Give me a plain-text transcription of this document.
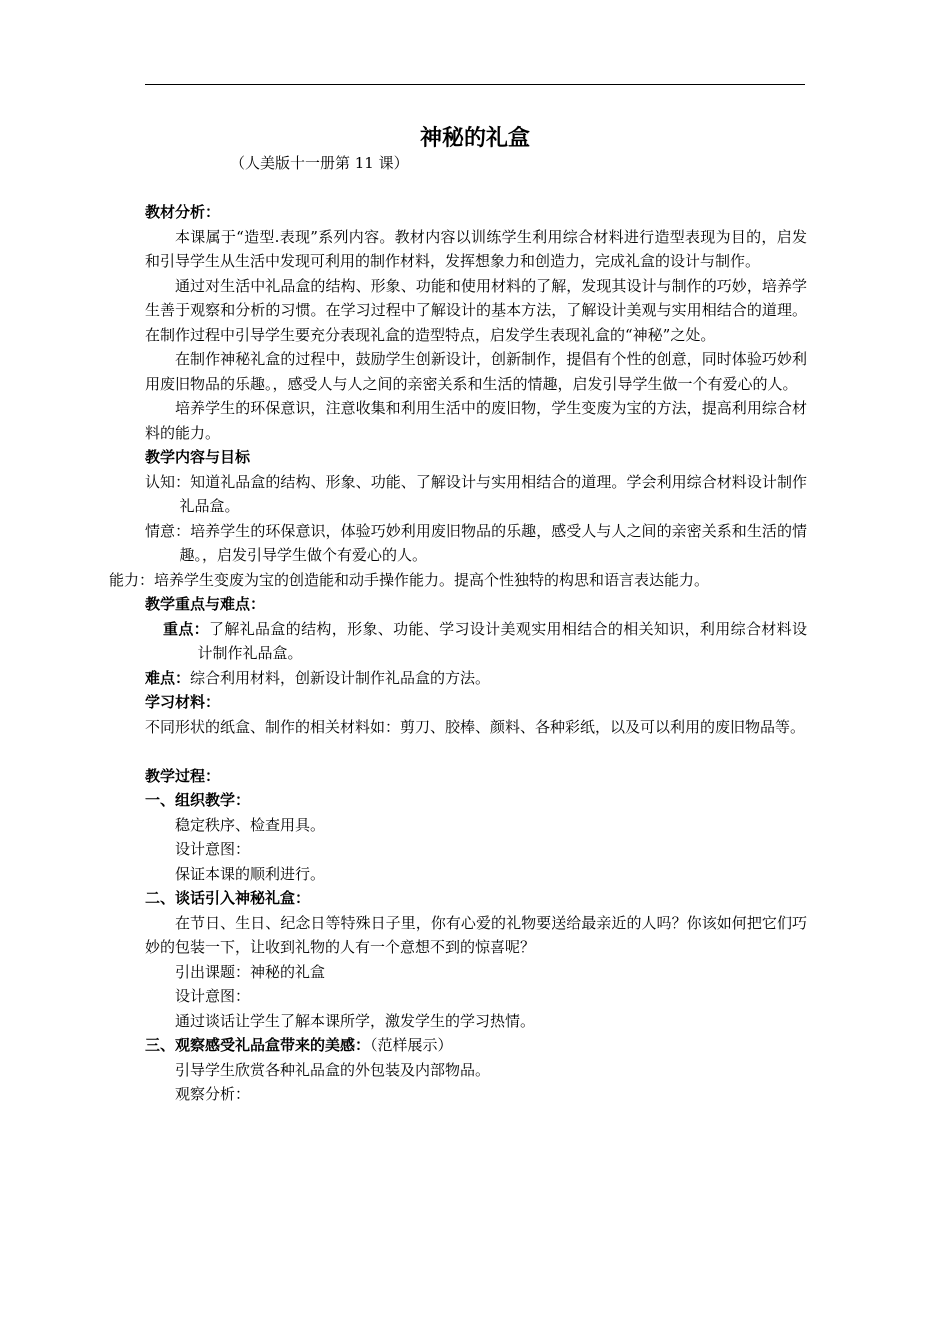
神秘的礼盒
（人美版十一册第 11 课）

教材分析：

本课属于“造型.表现”系列内容。教材内容以训练学生利用综合材料进行造型表现为目的，启发和引导学生从生活中发现可利用的制作材料，发挥想象力和创造力，完成礼盒的设计与制作。

通过对生活中礼品盒的结构、形象、功能和使用材料的了解，发现其设计与制作的巧妙，培养学生善于观察和分析的习惯。在学习过程中了解设计的基本方法，了解设计美观与实用相结合的道理。在制作过程中引导学生要充分表现礼盒的造型特点，启发学生表现礼盒的“神秘”之处。

在制作神秘礼盒的过程中，鼓励学生创新设计，创新制作，提倡有个性的创意，同时体验巧妙利用废旧物品的乐趣。，感受人与人之间的亲密关系和生活的情趣，启发引导学生做一个有爱心的人。

培养学生的环保意识，注意收集和利用生活中的废旧物，学生变废为宝的方法，提高利用综合材料的能力。

教学内容与目标

认知：知道礼品盒的结构、形象、功能、了解设计与实用相结合的道理。学会利用综合材料设计制作礼品盒。

情意：培养学生的环保意识，体验巧妙利用废旧物品的乐趣，感受人与人之间的亲密关系和生活的情趣。，启发引导学生做个有爱心的人。

能力：培养学生变废为宝的创造能和动手操作能力。提高个性独特的构思和语言表达能力。

教学重点与难点：

重点：了解礼品盒的结构，形象、功能、学习设计美观实用相结合的相关知识，利用综合材料设计制作礼品盒。

难点：综合利用材料，创新设计制作礼品盒的方法。

学习材料：

不同形状的纸盒、制作的相关材料如：剪刀、胶棒、颜料、各种彩纸，以及可以利用的废旧物品等。

教学过程：

一、组织教学：

稳定秩序、检查用具。

设计意图：

保证本课的顺利进行。

二、谈话引入神秘礼盒：

在节日、生日、纪念日等特殊日子里，你有心爱的礼物要送给最亲近的人吗？你该如何把它们巧妙的包装一下，让收到礼物的人有一个意想不到的惊喜呢？

引出课题：神秘的礼盒

设计意图：

通过谈话让学生了解本课所学，激发学生的学习热情。

三、观察感受礼品盒带来的美感：（范样展示）

引导学生欣赏各种礼品盒的外包装及内部物品。

观察分析：
